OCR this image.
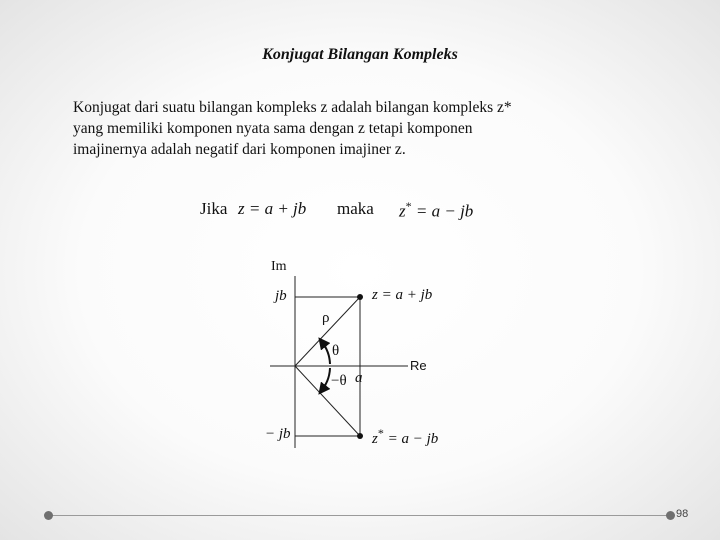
Konjugat Bilangan Kompleks

Konjugat dari suatu bilangan kompleks z adalah bilangan kompleks z*

yang memiliki komponen nyata sama dengan z tetapi komponen

imajinernya adalah negatif dari komponen imajiner z.

Jika z = a + jb maka z* = a − jb
Im
Re
jb
− jb
a
ρ
θ
−θ
z = a + jb
z* = a − jb
98
